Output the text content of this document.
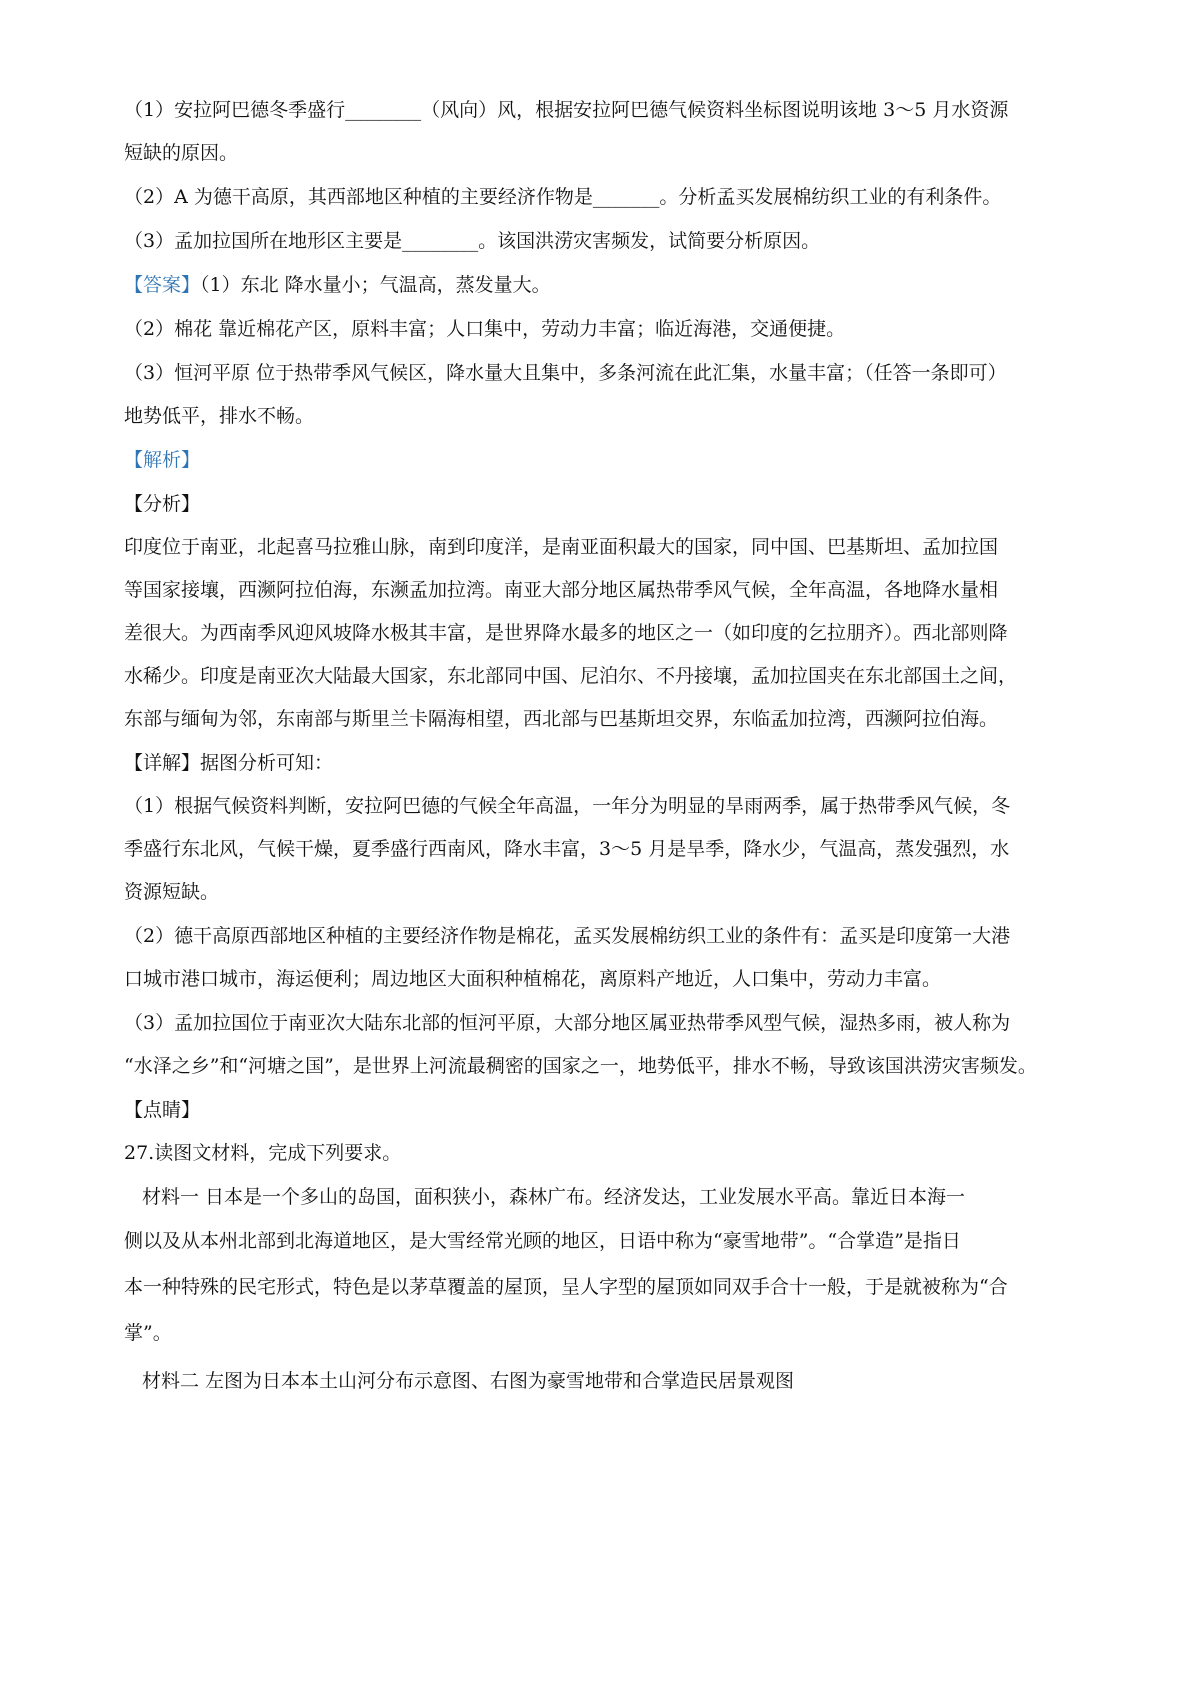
（1）安拉阿巴德冬季盛行________（风向）风，根据安拉阿巴德气候资料坐标图说明该地 3～5 月水资源

短缺的原因。

（2）A 为德干高原，其西部地区种植的主要经济作物是_______。分析孟买发展棉纺织工业的有利条件。

（3）孟加拉国所在地形区主要是________。该国洪涝灾害频发，试简要分析原因。

【答案】（1）东北 降水量小；气温高，蒸发量大。

（2）棉花 靠近棉花产区，原料丰富；人口集中，劳动力丰富；临近海港，交通便捷。

（3）恒河平原 位于热带季风气候区，降水量大且集中，多条河流在此汇集，水量丰富；（任答一条即可）

地势低平，排水不畅。

【解析】

【分析】

印度位于南亚，北起喜马拉雅山脉，南到印度洋，是南亚面积最大的国家，同中国、巴基斯坦、孟加拉国

等国家接壤，西濒阿拉伯海，东濒孟加拉湾。南亚大部分地区属热带季风气候，全年高温，各地降水量相

差很大。为西南季风迎风坡降水极其丰富，是世界降水最多的地区之一（如印度的乞拉朋齐）。西北部则降

水稀少。印度是南亚次大陆最大国家，东北部同中国、尼泊尔、不丹接壤，孟加拉国夹在东北部国土之间，

东部与缅甸为邻，东南部与斯里兰卡隔海相望，西北部与巴基斯坦交界，东临孟加拉湾，西濒阿拉伯海。

【详解】据图分析可知：

（1）根据气候资料判断，安拉阿巴德的气候全年高温，一年分为明显的旱雨两季，属于热带季风气候，冬

季盛行东北风，气候干燥，夏季盛行西南风，降水丰富，3～5 月是旱季，降水少，气温高，蒸发强烈，水

资源短缺。

（2）德干高原西部地区种植的主要经济作物是棉花，孟买发展棉纺织工业的条件有：孟买是印度第一大港

口城市港口城市，海运便利；周边地区大面积种植棉花，离原料产地近，人口集中，劳动力丰富。

（3）孟加拉国位于南亚次大陆东北部的恒河平原，大部分地区属亚热带季风型气候，湿热多雨，被人称为

“水泽之乡”和“河塘之国”，是世界上河流最稠密的国家之一，地势低平，排水不畅，导致该国洪涝灾害频发。

【点睛】

27.读图文材料，完成下列要求。

材料一 日本是一个多山的岛国，面积狭小，森林广布。经济发达，工业发展水平高。靠近日本海一

侧以及从本州北部到北海道地区，是大雪经常光顾的地区，日语中称为“豪雪地带”。“合掌造”是指日

本一种特殊的民宅形式，特色是以茅草覆盖的屋顶，呈人字型的屋顶如同双手合十一般，于是就被称为“合

掌”。

材料二 左图为日本本土山河分布示意图、右图为豪雪地带和合掌造民居景观图
